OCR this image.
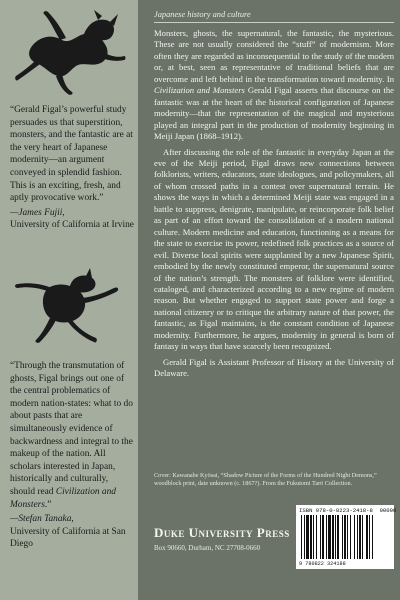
“Gerald Figal’s powerful study persuades us that superstition, monsters, and the fantastic are at the very heart of Japanese modernity—an argument conveyed in splendid fashion. This is an exciting, fresh, and aptly provocative work.”

—James Fujii,
University of California at Irvine

“Through the transmutation of ghosts, Figal brings out one of the central problematics of modern nation-states: what to do about pasts that are simultaneously evidence of backwardness and integral to the makeup of the nation. All scholars interested in Japan, historically and culturally, should read Civilization and Monsters.”

—Stefan Tanaka,
University of California at San Diego
Japanese history and culture

Monsters, ghosts, the supernatural, the fantastic, the mysterious. These are not usually considered the “stuff” of modernism. More often they are regarded as inconsequential to the study of the modern or, at best, seen as representative of traditional beliefs that are overcome and left behind in the transformation toward modernity. In Civilization and Monsters Gerald Figal asserts that discourse on the fantastic was at the heart of the historical configuration of Japanese modernity—that the representation of the magical and mysterious played an integral part in the production of modernity beginning in Meiji Japan (1868–1912).

After discussing the role of the fantastic in everyday Japan at the eve of the Meiji period, Figal draws new connections between folklorists, writers, educators, state ideologues, and policymakers, all of whom crossed paths in a contest over supernatural terrain. He shows the ways in which a determined Meiji state was engaged in a battle to suppress, denigrate, manipulate, or reincorporate folk belief as part of an effort toward the consolidation of a modern national culture. Modern medicine and education, functioning as a means for the state to exercise its power, redefined folk practices as a source of evil. Diverse local spirits were supplanted by a new Japanese Spirit, embodied by the newly constituted emperor, the supernatural source of the nation’s strength. The monsters of folklore were identified, cataloged, and characterized according to a new regime of modern reason. But whether engaged to support state power and forge a national citizenry or to critique the arbitrary nature of that power, the fantastic, as Figal maintains, is the constant condition of Japanese modernity. Furthermore, he argues, modernity in general is born of fantasy in ways that have scarcely been recognized.

Gerald Figal is Assistant Professor of History at the University of Delaware.

Cover: Kawanabe Kyōsai, “Shadow Picture of the Forms of the Hundred Night Demons,” woodblock print, date unknown (c. 1867?). From the Fukutomi Tarō Collection.
Duke University Press
Box 90660, Durham, NC 27708-0660
ISBN 978-0-8223-2418-8 90000
9 780822 324188
